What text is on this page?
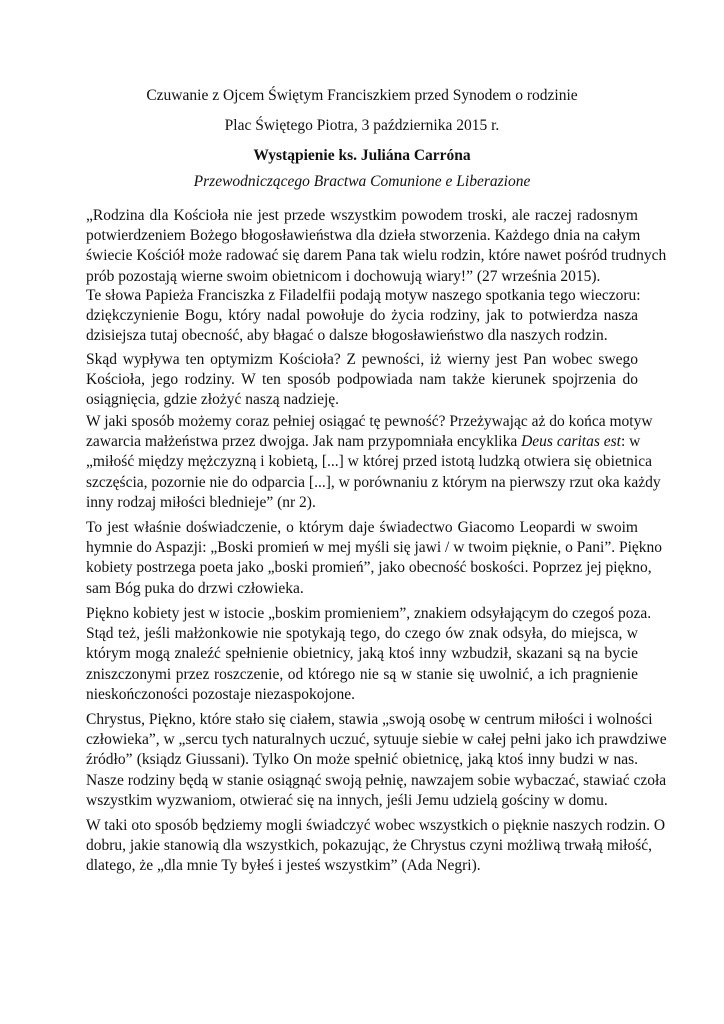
Czuwanie z Ojcem Świętym Franciszkiem przed Synodem o rodzinie
Plac Świętego Piotra, 3 października 2015 r.
Wystąpienie ks. Juliána Carróna
Przewodniczącego Bractwa Comunione e Liberazione
„Rodzina dla Kościoła nie jest przede wszystkim powodem troski, ale raczej radosnym
potwierdzeniem Bożego błogosławieństwa dla dzieła stworzenia. Każdego dnia na całym
świecie Kościół może radować się darem Pana tak wielu rodzin, które nawet pośród trudnych
prób pozostają wierne swoim obietnicom i dochowują wiary!” (27 września 2015).
Te słowa Papieża Franciszka z Filadelfii podają motyw naszego spotkania tego wieczoru:
dziękczynienie Bogu, który nadal powołuje do życia rodziny, jak to potwierdza nasza
dzisiejsza tutaj obecność, aby błagać o dalsze błogosławieństwo dla naszych rodzin.
Skąd wypływa ten optymizm Kościoła? Z pewności, iż wierny jest Pan wobec swego
Kościoła, jego rodziny. W ten sposób podpowiada nam także kierunek spojrzenia do
osiągnięcia, gdzie złożyć naszą nadzieję.
W jaki sposób możemy coraz pełniej osiągać tę pewność? Przeżywając aż do końca motyw
zawarcia małżeństwa przez dwojga. Jak nam przypomniała encyklika Deus caritas est: w
„miłość między mężczyzną i kobietą, [...] w której przed istotą ludzką otwiera się obietnica
szczęścia, pozornie nie do odparcia [...], w porównaniu z którym na pierwszy rzut oka każdy
inny rodzaj miłości blednieje” (nr 2).
To jest właśnie doświadczenie, o którym daje świadectwo Giacomo Leopardi w swoim
hymnie do Aspazji: „Boski promień w mej myśli się jawi / w twoim pięknie, o Pani”. Piękno
kobiety postrzega poeta jako „boski promień”, jako obecność boskości. Poprzez jej piękno,
sam Bóg puka do drzwi człowieka.
Piękno kobiety jest w istocie „boskim promieniem”, znakiem odsyłającym do czegoś poza.
Stąd też, jeśli małżonkowie nie spotykają tego, do czego ów znak odsyła, do miejsca, w
którym mogą znaleźć spełnienie obietnicy, jaką ktoś inny wzbudził, skazani są na bycie
zniszczonymi przez roszczenie, od którego nie są w stanie się uwolnić, a ich pragnienie
nieskończoności pozostaje niezaspokojone.
Chrystus, Piękno, które stało się ciałem, stawia „swoją osobę w centrum miłości i wolności
człowieka”, w „sercu tych naturalnych uczuć, sytuuje siebie w całej pełni jako ich prawdziwe
źródło” (ksiądz Giussani). Tylko On może spełnić obietnicę, jaką ktoś inny budzi w nas.
Nasze rodziny będą w stanie osiągnąć swoją pełnię, nawzajem sobie wybaczać, stawiać czoła
wszystkim wyzwaniom, otwierać się na innych, jeśli Jemu udzielą gościny w domu.
W taki oto sposób będziemy mogli świadczyć wobec wszystkich o pięknie naszych rodzin. O
dobru, jakie stanowią dla wszystkich, pokazując, że Chrystus czyni możliwą trwałą miłość,
dlatego, że „dla mnie Ty byłeś i jesteś wszystkim” (Ada Negri).
